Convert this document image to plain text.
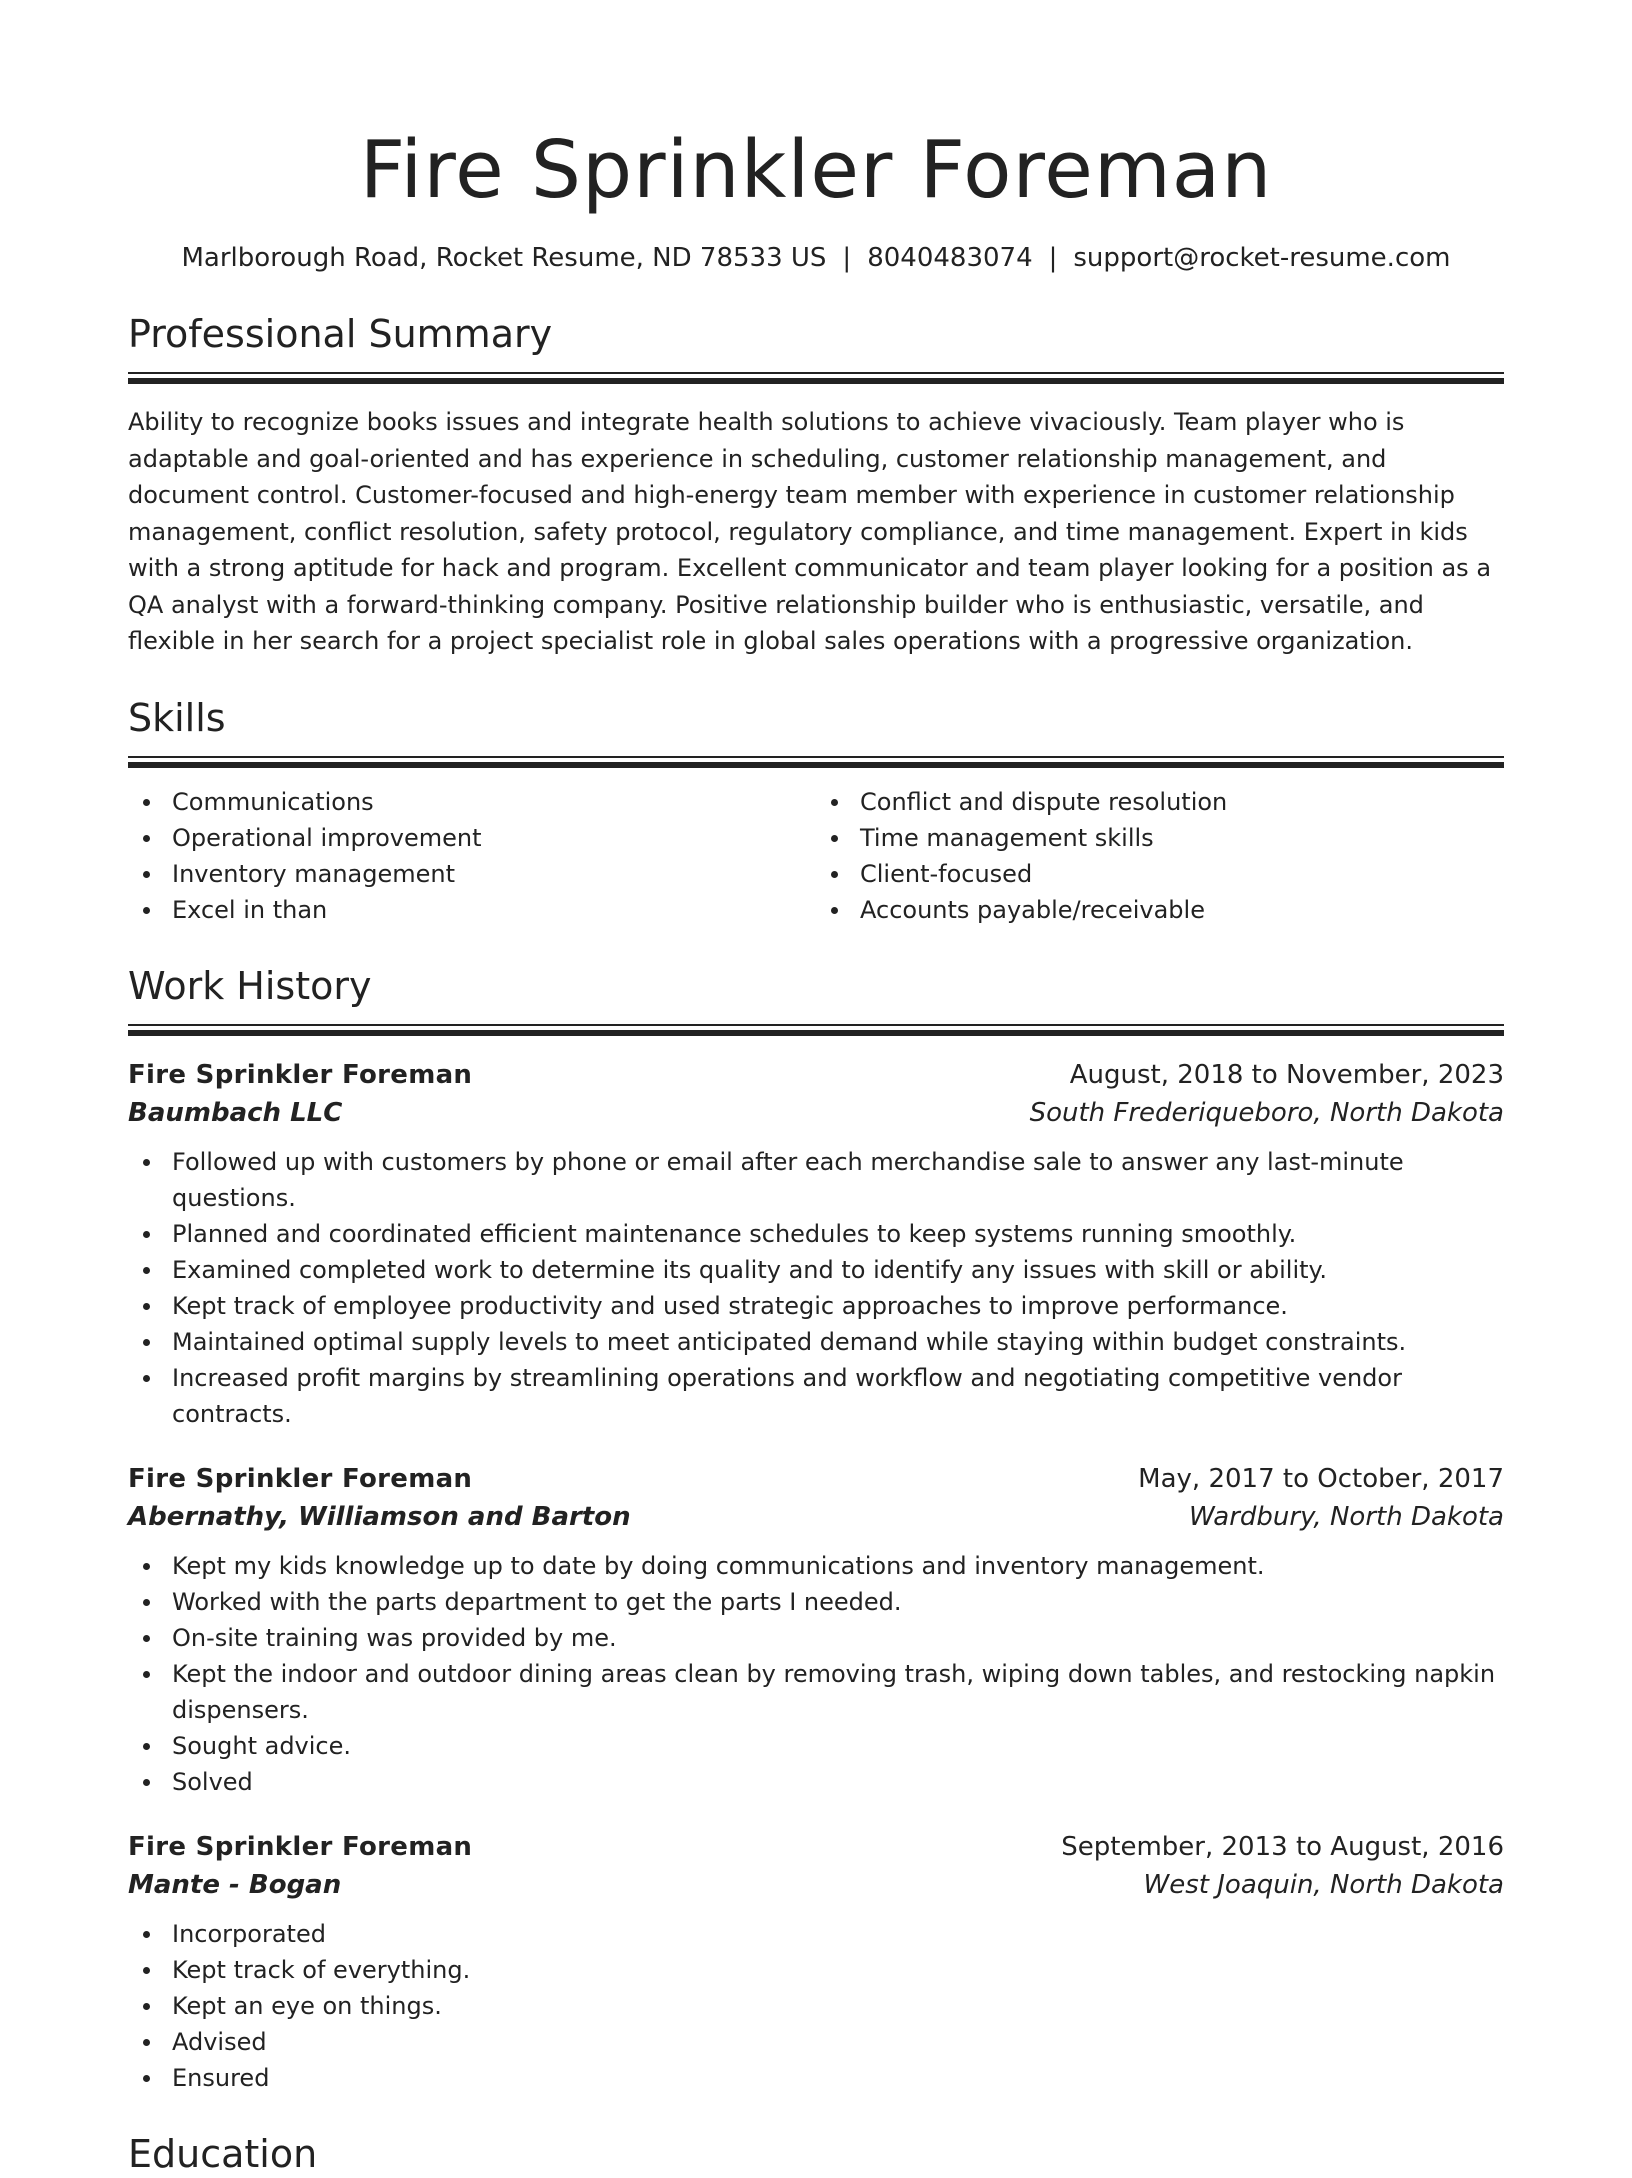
Fire Sprinkler Foreman
Marlborough Road, Rocket Resume, ND 78533 US | 8040483074 | support@rocket-resume.com
Professional Summary
Ability to recognize books issues and integrate health solutions to achieve vivaciously. Team player who is adaptable and goal-oriented and has experience in scheduling, customer relationship management, and document control. Customer-focused and high-energy team member with experience in customer relationship management, conflict resolution, safety protocol, regulatory compliance, and time management. Expert in kids with a strong aptitude for hack and program. Excellent communicator and team player looking for a position as a QA analyst with a forward-thinking company. Positive relationship builder who is enthusiastic, versatile, and flexible in her search for a project specialist role in global sales operations with a progressive organization.
Skills
Communications
Operational improvement
Inventory management
Excel in than
Conflict and dispute resolution
Time management skills
Client-focused
Accounts payable/receivable
Work History
Fire Sprinkler Foreman	August, 2018 to November, 2023
Baumbach LLC	South Frederiqueboro, North Dakota
Followed up with customers by phone or email after each merchandise sale to answer any last-minute questions.
Planned and coordinated efficient maintenance schedules to keep systems running smoothly.
Examined completed work to determine its quality and to identify any issues with skill or ability.
Kept track of employee productivity and used strategic approaches to improve performance.
Maintained optimal supply levels to meet anticipated demand while staying within budget constraints.
Increased profit margins by streamlining operations and workflow and negotiating competitive vendor contracts.
Fire Sprinkler Foreman	May, 2017 to October, 2017
Abernathy, Williamson and Barton	Wardbury, North Dakota
Kept my kids knowledge up to date by doing communications and inventory management.
Worked with the parts department to get the parts I needed.
On-site training was provided by me.
Kept the indoor and outdoor dining areas clean by removing trash, wiping down tables, and restocking napkin dispensers.
Sought advice.
Solved
Fire Sprinkler Foreman	September, 2013 to August, 2016
Mante - Bogan	West Joaquin, North Dakota
Incorporated
Kept track of everything.
Kept an eye on things.
Advised
Ensured
Education
